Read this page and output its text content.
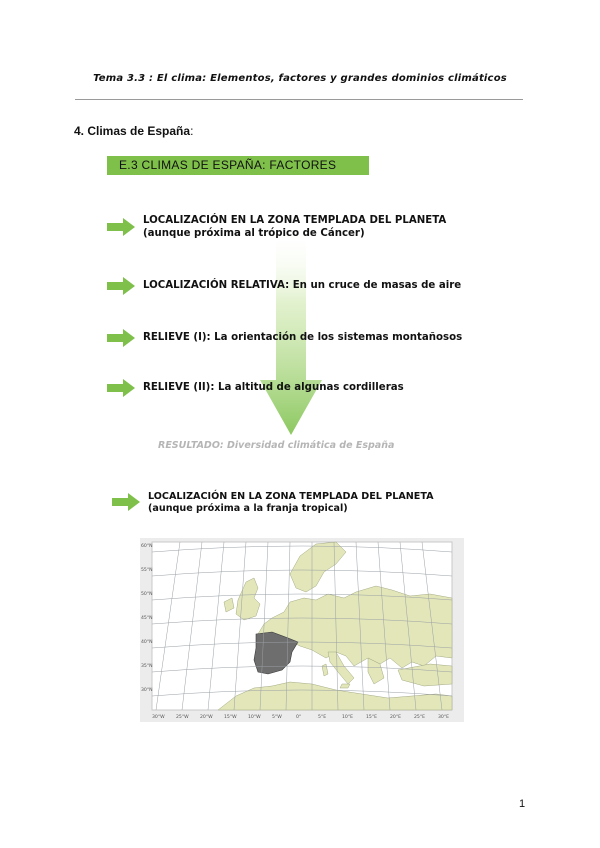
Tema 3.3 : El clima: Elementos, factores y grandes dominios climáticos
4. Climas de España:
E.3 CLIMAS DE ESPAÑA: FACTORES
LOCALIZACIÓN EN LA ZONA TEMPLADA DEL PLANETA
(aunque próxima al trópico de Cáncer)
LOCALIZACIÓN RELATIVA: En un cruce de masas de aire
RELIEVE (I): La orientación de los sistemas montañosos
RELIEVE (II): La altitud de algunas cordilleras
RESULTADO: Diversidad climática de España
LOCALIZACIÓN EN LA ZONA TEMPLADA DEL PLANETA
(aunque próxima a la franja tropical)
60°N
55°N
50°N
45°N
40°N
35°N
30°N
30°W 25°W 20°W 15°W 10°W 5°W	0°	5°E	10°E	15°E	20°E	25°E	30°E
1
